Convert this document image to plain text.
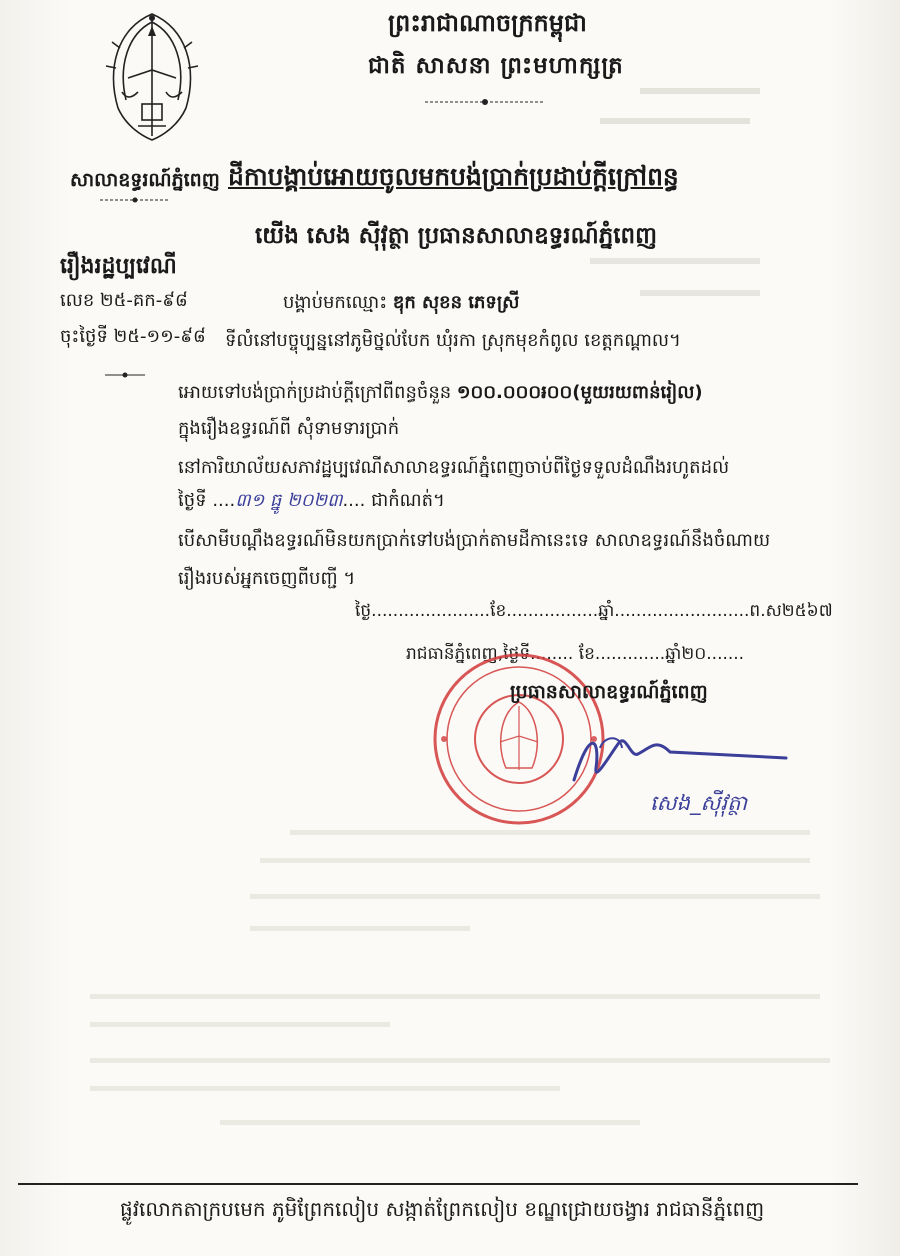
ព្រះរាជាណាចក្រកម្ពុជា
ជាតិ សាសនា ព្រះមហាក្សត្រ
សាលាឧទ្ធរណ៍ភ្នំពេញ ដីកាបង្គាប់អោយចូលមកបង់ប្រាក់ប្រដាប់ក្តីក្រៅពន្ធ
យើង សេង ស៊ីវុត្ថា ប្រធានសាលាឧទ្ធរណ៍ភ្នំពេញ
រឿងរដ្ឋប្បវេណី
លេខ ២៥-គក-៩៨
ចុះថ្ងៃទី ២៥-១១-៩៨
បង្គាប់មកឈ្មោះ ឌុក សុខន ភេទស្រី
ទីលំនៅបច្ចុប្បន្ននៅភូមិថ្នល់បែក ឃុំរកា ស្រុកមុខកំពូល ខេត្តកណ្តាល។
អោយទៅបង់ប្រាក់ប្រដាប់ក្តីក្រៅពីពន្ធចំនួន ១០០.០០០៛០០(មួយរយពាន់រៀល)
ក្នុងរឿងឧទ្ធរណ៍ពី សុំទាមទារប្រាក់
នៅការិយាល័យសភាវដ្ឋប្បវេណីសាលាឧទ្ធរណ៍ភ្នំពេញចាប់ពីថ្ងៃទទួលដំណឹងរហូតដល់
ថ្ងៃទី ....៣១ ធ្នូ ២០២៣.... ជាកំណត់។
បើសាមីបណ្តឹងឧទ្ធរណ៍មិនយកប្រាក់ទៅបង់ប្រាក់តាមដីកានេះទេ សាលាឧទ្ធរណ៍នឹងចំណាយ
រឿងរបស់អ្នកចេញពីបញ្ជី ។
ថ្ងៃ......................ខែ.................ឆ្នាំ.........................ព.ស២៥៦៧
រាជធានីភ្នំពេញ,ថ្ងៃទី........ ខែ.............ឆ្នាំ២០.......
ប្រធានសាលាឧទ្ធរណ៍ភ្នំពេញ
សេង_ស៊ីវុត្ថា
ផ្លូវលោកតាក្របមេក ភូមិព្រែកលៀប សង្កាត់ព្រែកលៀប ខណ្ឌជ្រោយចង្វារ រាជធានីភ្នំពេញ
